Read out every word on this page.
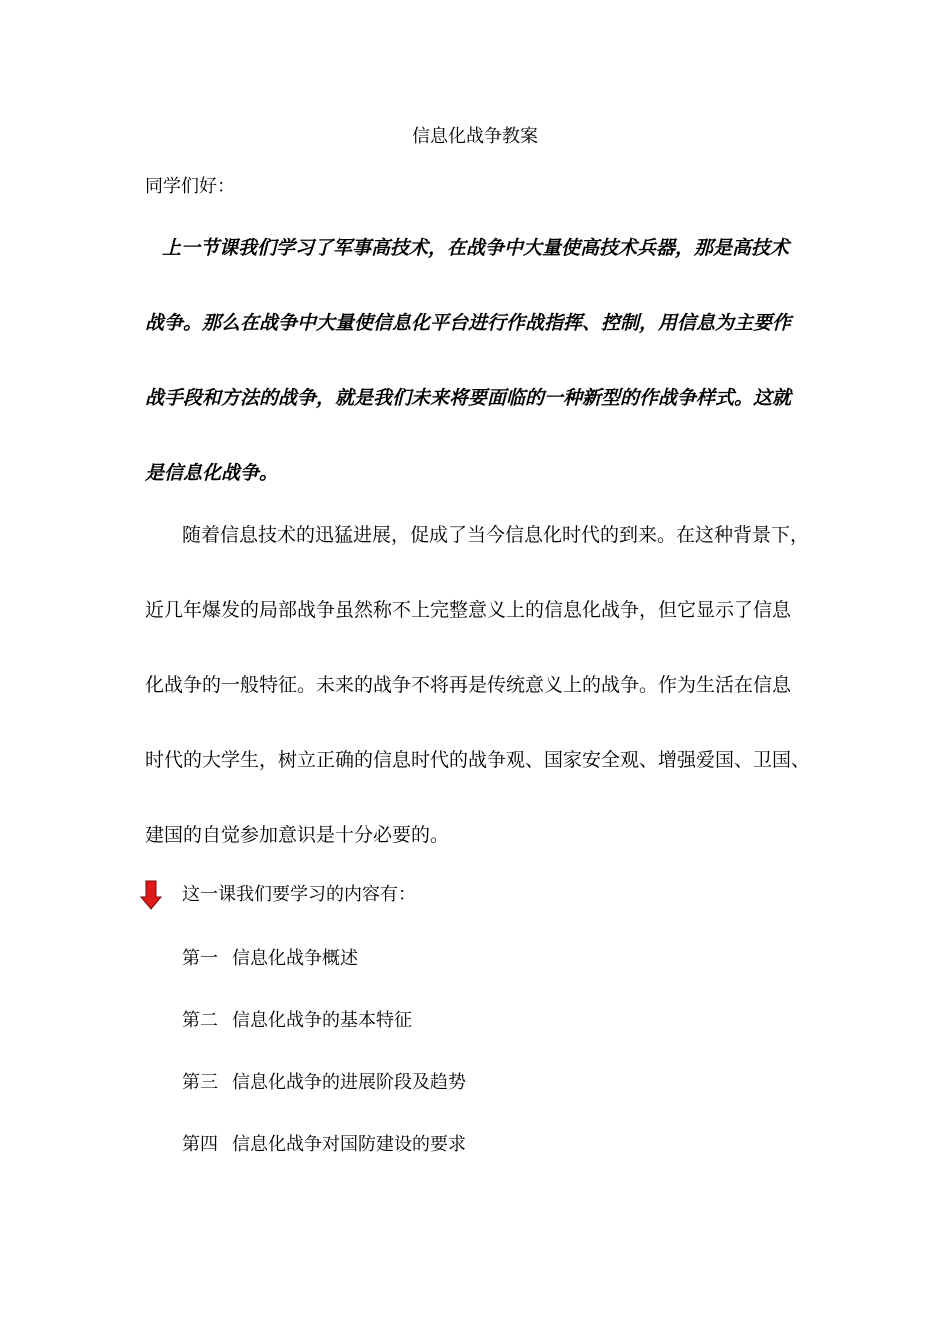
信息化战争教案
同学们好：
上一节课我们学习了军事高技术，在战争中大量使高技术兵器，那是高技术
战争。那么在战争中大量使信息化平台进行作战指挥、控制，用信息为主要作
战手段和方法的战争，就是我们未来将要面临的一种新型的作战争样式。这就
是信息化战争。
随着信息技术的迅猛进展，促成了当今信息化时代的到来。在这种背景下，
近几年爆发的局部战争虽然称不上完整意义上的信息化战争，但它显示了信息
化战争的一般特征。未来的战争不将再是传统意义上的战争。作为生活在信息
时代的大学生，树立正确的信息时代的战争观、国家安全观、增强爱国、卫国、
建国的自觉参加意识是十分必要的。
这一课我们要学习的内容有：
第一 信息化战争概述
第二 信息化战争的基本特征
第三 信息化战争的进展阶段及趋势
第四 信息化战争对国防建设的要求
